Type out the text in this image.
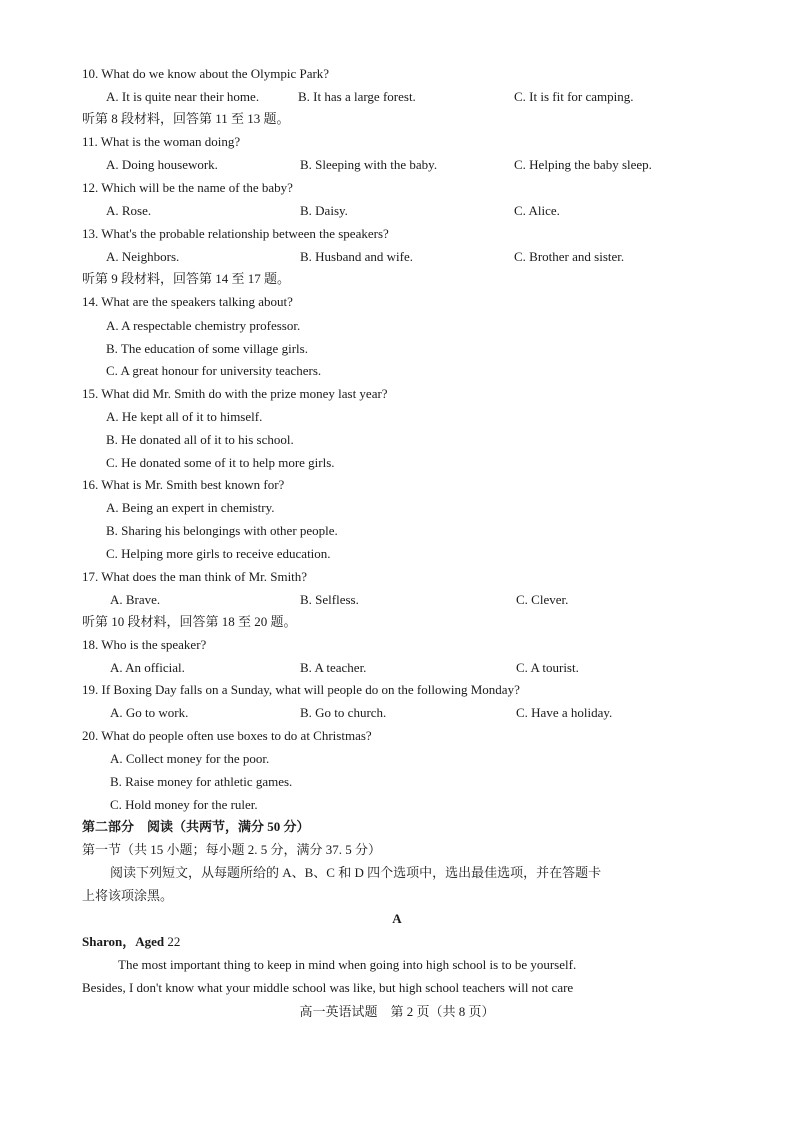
10. What do we know about the Olympic Park?
A. It is quite near their home.	B. It has a large forest.	C. It is fit for camping.
听第 8 段材料，回答第 11 至 13 题。
11. What is the woman doing?
A. Doing housework.	B. Sleeping with the baby.	C. Helping the baby sleep.
12. Which will be the name of the baby?
A. Rose.	B. Daisy.	C. Alice.
13. What's the probable relationship between the speakers?
A. Neighbors.	B. Husband and wife.	C. Brother and sister.
听第 9 段材料，回答第 14 至 17 题。
14. What are the speakers talking about?
A. A respectable chemistry professor.
B. The education of some village girls.
C. A great honour for university teachers.
15. What did Mr. Smith do with the prize money last year?
A. He kept all of it to himself.
B. He donated all of it to his school.
C. He donated some of it to help more girls.
16. What is Mr. Smith best known for?
A. Being an expert in chemistry.
B. Sharing his belongings with other people.
C. Helping more girls to receive education.
17. What does the man think of Mr. Smith?
A. Brave.	B. Selfless.	C. Clever.
听第 10 段材料，回答第 18 至 20 题。
18. Who is the speaker?
A. An official.	B. A teacher.	C. A tourist.
19. If Boxing Day falls on a Sunday, what will people do on the following Monday?
A. Go to work.	B. Go to church.	C. Have a holiday.
20. What do people often use boxes to do at Christmas?
A. Collect money for the poor.
B. Raise money for athletic games.
C. Hold money for the ruler.
第二部分　阅读（共两节，满分 50 分）
第一节（共 15 小题；每小题 2. 5 分，满分 37. 5 分）
阅读下列短文，从每题所给的 A、B、C 和 D 四个选项中，选出最佳选项，并在答题卡
上将该项涂黑。
A
Sharon，Aged 22
The most important thing to keep in mind when going into high school is to be yourself.
Besides, I don't know what your middle school was like, but high school teachers will not care
高一英语试题　第 2 页（共 8 页）
